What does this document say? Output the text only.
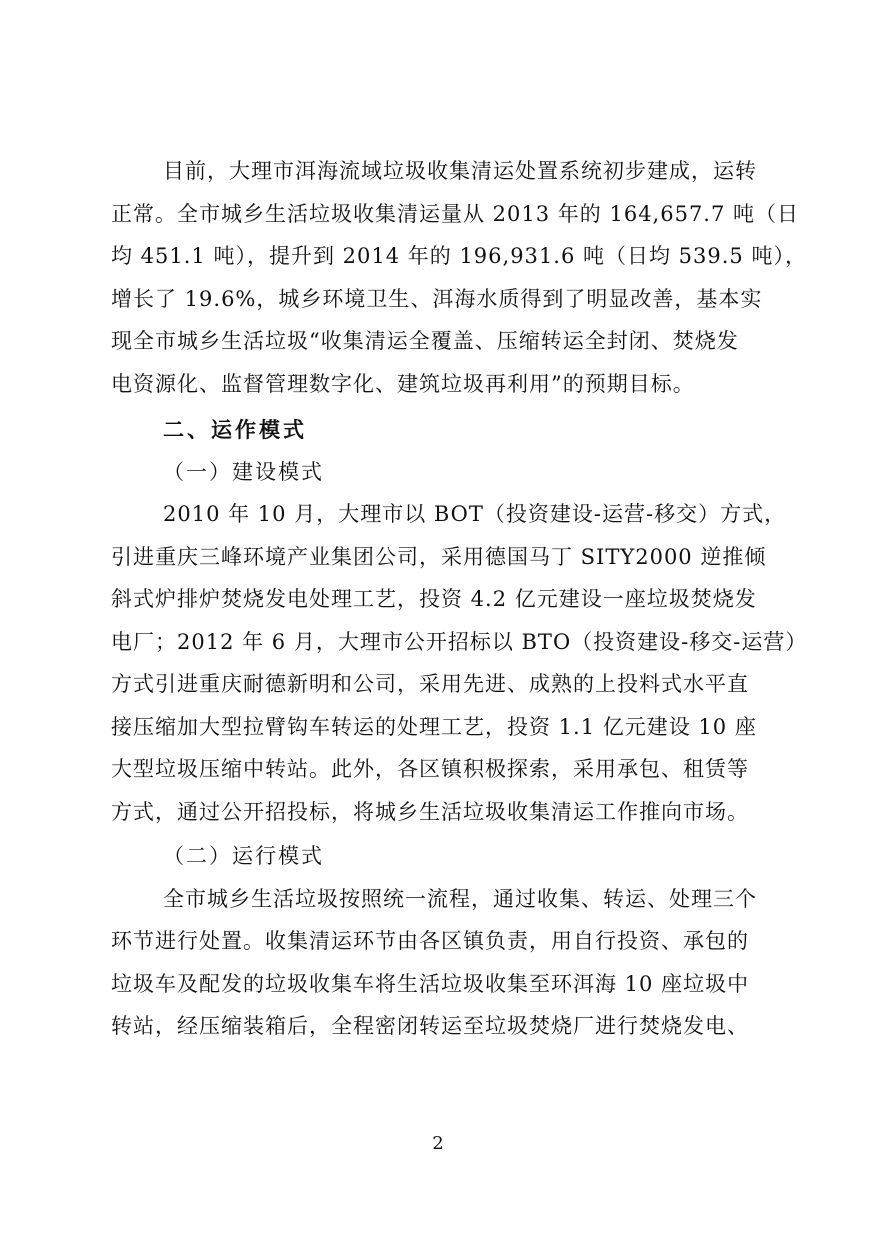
目前，大理市洱海流域垃圾收集清运处置系统初步建成，运转
正常。全市城乡生活垃圾收集清运量从 2013 年的 164,657.7 吨（日
均 451.1 吨），提升到 2014 年的 196,931.6 吨（日均 539.5 吨），
增长了 19.6%，城乡环境卫生、洱海水质得到了明显改善，基本实
现全市城乡生活垃圾“收集清运全覆盖、压缩转运全封闭、焚烧发
电资源化、监督管理数字化、建筑垃圾再利用”的预期目标。
二、运作模式
（一）建设模式
2010 年 10 月，大理市以 BOT（投资建设-运营-移交）方式，
引进重庆三峰环境产业集团公司，采用德国马丁 SITY2000 逆推倾
斜式炉排炉焚烧发电处理工艺，投资 4.2 亿元建设一座垃圾焚烧发
电厂；2012 年 6 月，大理市公开招标以 BTO（投资建设-移交-运营）
方式引进重庆耐德新明和公司，采用先进、成熟的上投料式水平直
接压缩加大型拉臂钩车转运的处理工艺，投资 1.1 亿元建设 10 座
大型垃圾压缩中转站。此外，各区镇积极探索，采用承包、租赁等
方式，通过公开招投标，将城乡生活垃圾收集清运工作推向市场。
（二）运行模式
全市城乡生活垃圾按照统一流程，通过收集、转运、处理三个
环节进行处置。收集清运环节由各区镇负责，用自行投资、承包的
垃圾车及配发的垃圾收集车将生活垃圾收集至环洱海 10 座垃圾中
转站，经压缩装箱后，全程密闭转运至垃圾焚烧厂进行焚烧发电、
2
